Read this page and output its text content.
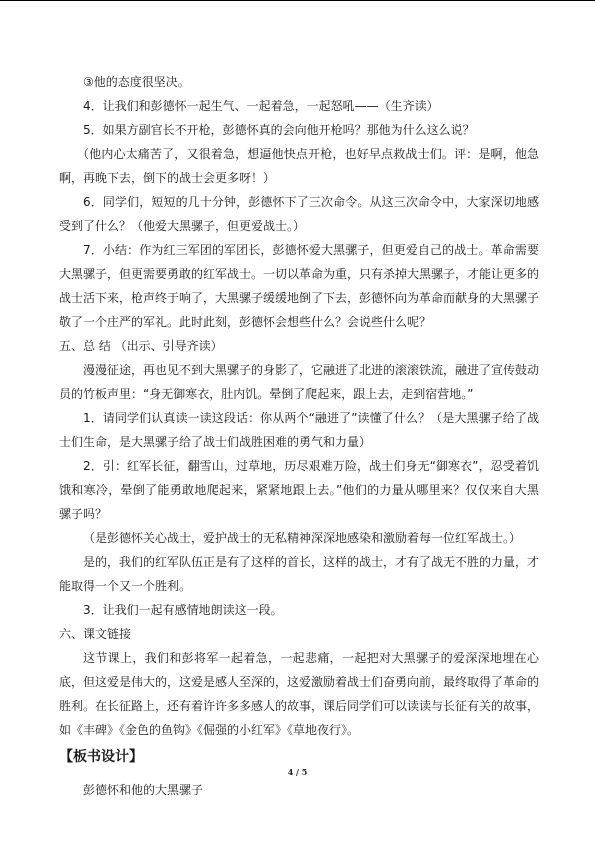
③他的态度很坚决。

4．让我们和彭德怀一起生气、一起着急，一起怒吼——（生齐读）

5．如果方副官长不开枪，彭德怀真的会向他开枪吗？那他为什么这么说？

（他内心太痛苦了，又很着急，想逼他快点开枪，也好早点救战士们。评：是啊，他急啊，再晚下去，倒下的战士会更多呀！）

6．同学们，短短的几十分钟，彭德怀下了三次命令。从这三次命令中，大家深切地感受到了什么？（他爱大黑骡子，但更爱战士。）

7．小结：作为红三军团的军团长，彭德怀爱大黑骡子，但更爱自己的战士。革命需要大黑骡子，但更需要勇敢的红军战士。一切以革命为重，只有杀掉大黑骡子，才能让更多的战士活下来，枪声终于响了，大黑骡子缓缓地倒了下去，彭德怀向为革命而献身的大黑骡子敬了一个庄严的军礼。此时此刻，彭德怀会想些什么？会说些什么呢？

五、总 结 （出示、引导齐读）

漫漫征途，再也见不到大黑骡子的身影了，它融进了北进的滚滚铁流，融进了宣传鼓动员的竹板声里：“身无御寒衣，肚内饥。晕倒了爬起来，跟上去，走到宿营地。”

1．请同学们认真读一读这段话：你从两个“融进了”读懂了什么？（是大黑骡子给了战士们生命，是大黑骡子给了战士们战胜困难的勇气和力量）

2．引：红军长征，翻雪山，过草地，历尽艰难万险，战士们身无“御寒衣”，忍受着饥饿和寒冷，晕倒了能勇敢地爬起来，紧紧地跟上去。”他们的力量从哪里来？仅仅来自大黑骡子吗？

（是彭德怀关心战士，爱护战士的无私精神深深地感染和激励着每一位红军战士。）

是的，我们的红军队伍正是有了这样的首长，这样的战士，才有了战无不胜的力量，才能取得一个又一个胜利。

3．让我们一起有感情地朗读这一段。

六、课文链接

这节课上，我们和彭将军一起着急，一起悲痛，一起把对大黑骡子的爱深深地埋在心底，但这爱是伟大的，这爱是感人至深的，这爱激励着战士们奋勇向前，最终取得了革命的胜利。在长征路上，还有着许许多多感人的故事，课后同学们可以读读与长征有关的故事，如《丰碑》《金色的鱼钩》《倔强的小红军》《草地夜行》。

【板书设计】

彭德怀和他的大黑骡子

4 / 5
